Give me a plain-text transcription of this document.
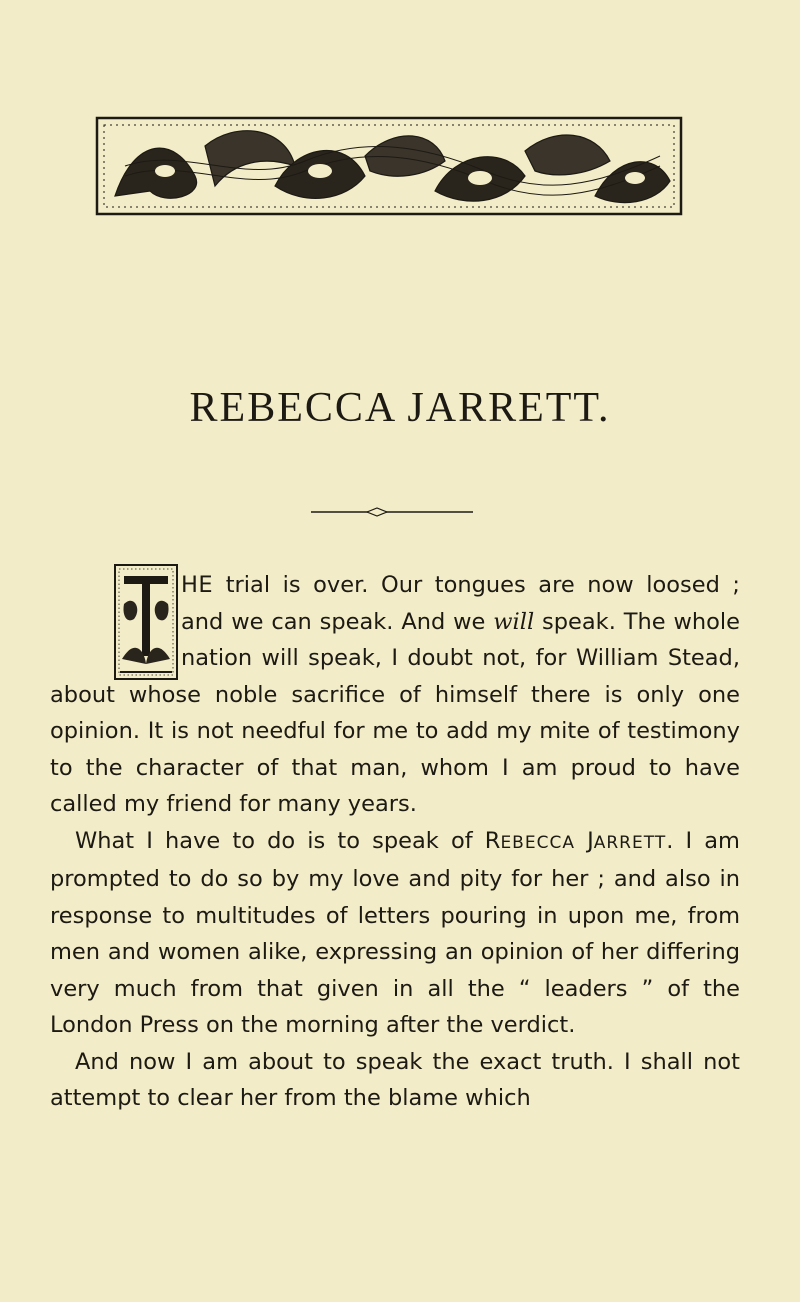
REBECCA JARRETT.

HE trial is over. Our tongues are now loosed ; and we can speak. And we will speak. The whole nation will speak, I doubt not, for William Stead, about whose noble sacrifice of himself there is only one opinion. It is not needful for me to add my mite of testimony to the character of that man, whom I am proud to have called my friend for many years.

What I have to do is to speak of REBECCA JARRETT. I am prompted to do so by my love and pity for her ; and also in response to multitudes of letters pouring in upon me, from men and women alike, expressing an opinion of her differing very much from that given in all the “ leaders ” of the London Press on the morning after the verdict.

And now I am about to speak the exact truth. I shall not attempt to clear her from the blame which
